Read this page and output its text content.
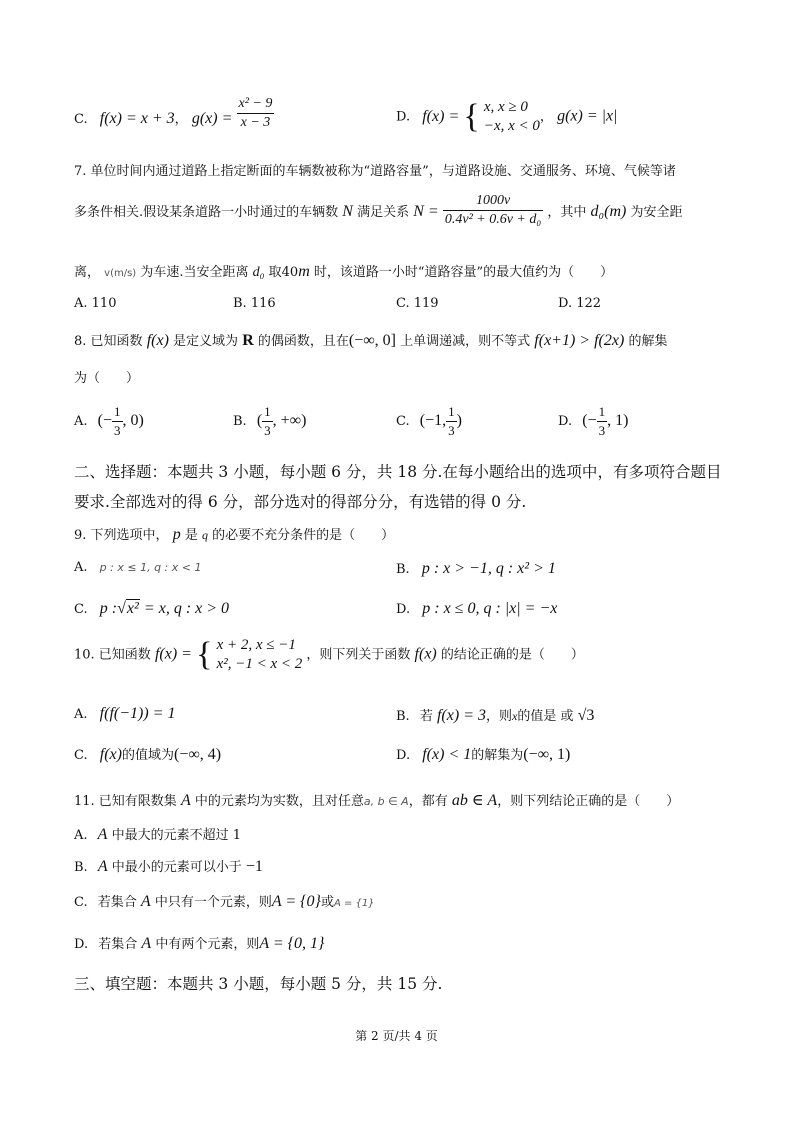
C. f(x) = x + 3， $g(x) = \frac{\text{x² − 9}}{x - 3}$	D. f(x) = { x, x ≥ 0
−x, x < 0
， g(x) = |x|
7. 单位时间内通过道路上指定断面的车辆数被称为“道路容量”，与道路设施、交通服务、环境、气候等诸
多条件相关.假设某条道路一小时通过的车辆数 N 满足关系 $N = \frac{1000v}{\text{0.4v² + 0.6v + d₀}}$ ，其中 d₀(m) 为安全距
离， v(m/s) 为车速.当安全距离 d₀ 取40m 时，该道路一小时“道路容量”的最大值约为（　　）
A. 110	B. 116	C. 119	D. 122
8. 已知函数 f(x) 是定义域为 R 的偶函数，且在(−∞, 0] 上单调递减，则不等式 f(x+1) > f(2x) 的解集
为（　　）
A. (− $\frac{1}{3}$ , 0)	B. ( $\frac{1}{3}$ , +∞)	C. (−1, $\frac{1}{3}$ )	D. (− $\frac{1}{3}$ , 1)
二、选择题：本题共 3 小题，每小题 6 分，共 18 分.在每小题给出的选项中，有多项符合题目
要求.全部选对的得 6 分，部分选对的得部分分，有选错的得 0 分.
9. 下列选项中， p 是 q 的必要不充分条件的是（　　）
A. p : x ≤ 1, q : x < 1	B. p : x > −1, q : x² > 1
C. p :√x² = x, q : x > 0	D. p : x ≤ 0, q : |x| = −x
10. 已知函数 f(x) = { x + 2, x ≤ −1
x², −1 < x < 2
，则下列关于函数 f(x) 的结论正确的是（　　）
A. f(f(−1)) = 1	B. 若 f(x) = 3，则x的值是 或 √3
C. f(x)的值域为(−∞, 4)	D. f(x) < 1的解集为(−∞, 1)
11. 已知有限数集 A 中的元素均为实数，且对任意a, b ∈ A，都有 ab ∈ A，则下列结论正确的是（　　）
A. A 中最大的元素不超过 1
B. A 中最小的元素可以小于 −1
C. 若集合 A 中只有一个元素，则A = {0}或A = {1}
D. 若集合 A 中有两个元素，则A = {0, 1}
三、填空题：本题共 3 小题，每小题 5 分，共 15 分.
第 2 页/共 4 页
